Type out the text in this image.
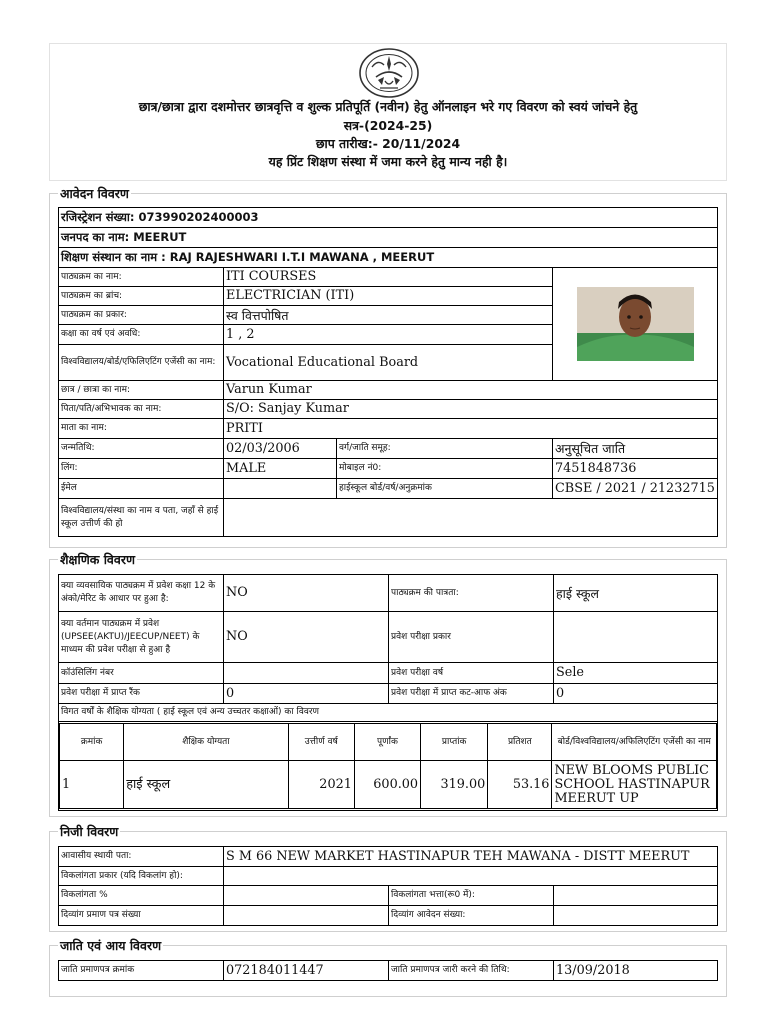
छात्र/छात्रा द्वारा दशमोत्तर छात्रवृत्ति व शुल्क प्रतिपूर्ति (नवीन) हेतु ऑनलाइन भरे गए विवरण को स्वयं जांचने हेतु
सत्र-(2024-25)
छाप तारीख:- 20/11/2024
यह प्रिंट शिक्षण संस्था में जमा करने हेतु मान्य नही है।
आवेदन विवरण
रजिस्ट्रेशन संख्या: 073990202400003			
जनपद का नाम: MEERUT			
शिक्षण संस्थान का नाम : RAJ RAJESHWARI I.T.I MAWANA , MEERUT			
पाठ्यक्रम का नाम:	ITI COURSES	

पाठ्यक्रम का ब्रांच:	ELECTRICIAN (ITI)		
पाठ्यक्रम का प्रकार:	स्व वित्तपोषित		
कक्षा का वर्ष एवं अवधि:	1 , 2		
विश्वविद्यालय/बोर्ड/एफिलिएटिंग एजेंसी का नाम:	Vocational Educational Board		
छात्र / छात्रा का नाम:	Varun Kumar		
पिता/पति/अभिभावक का नाम:	S/O: Sanjay Kumar		
माता का नाम:	PRITI		
जन्मतिथि:	02/03/2006	वर्ग/जाति समूह:	अनुसूचित जाति
लिंग:	MALE	मोबाइल नं0:	7451848736
ईमेल		हाईस्कूल बोर्ड/वर्ष/अनुक्रमांक	CBSE / 2021 / 21232715
विश्वविद्यालय/संस्था का नाम व पता, जहाँ से हाई स्कूल उत्तीर्ण की हो			
शैक्षणिक विवरण
क्या व्यवसायिक पाठ्यक्रम में प्रवेश कक्षा 12 के अंको/मेरिट के आधार पर हुआ है:	NO	पाठ्यक्रम की पात्रता:	हाई स्कूल
क्या वर्तमान पाठ्यक्रम में प्रवेश (UPSEE(AKTU)/JEECUP/NEET) के माध्यम की प्रवेश परीक्षा से हुआ है	NO	प्रवेश परीक्षा प्रकार	
कॉउंसिलिंग नंबर		प्रवेश परीक्षा वर्ष	Sele
प्रवेश परीक्षा में प्राप्त रैंक	0	प्रवेश परीक्षा में प्राप्त कट-आफ अंक	0
विगत वर्षों के शैक्षिक योग्यता ( हाई स्कूल एवं अन्य उच्चतर कक्षाओं) का विवरण

क्रमांक	शैक्षिक योग्यता	उत्तीर्ण वर्ष	पूर्णांक	प्राप्तांक	प्रतिशत	बोर्ड/विश्वविद्यालय/अफिलिएटिंग एजेंसी का नाम
1	हाई स्कूल	2021	600.00	319.00	53.16	NEW BLOOMS PUBLIC SCHOOL HASTINAPUR MEERUT UP
निजी विवरण
आवासीय स्थायी पता:	S M 66 NEW MARKET HASTINAPUR TEH MAWANA - DISTT MEERUT		
विकलांगता प्रकार (यदि विकलांग हो):			
विकलांगता %		विकलांगता भत्ता(रू0 में):	
दिव्यांग प्रमाण पत्र संख्या		दिव्यांग आवेदन संख्या:	
जाति एवं आय विवरण
जाति प्रमाणपत्र क्रमांक	072184011447	जाति प्रमाणपत्र जारी करने की तिथि:	13/09/2018
